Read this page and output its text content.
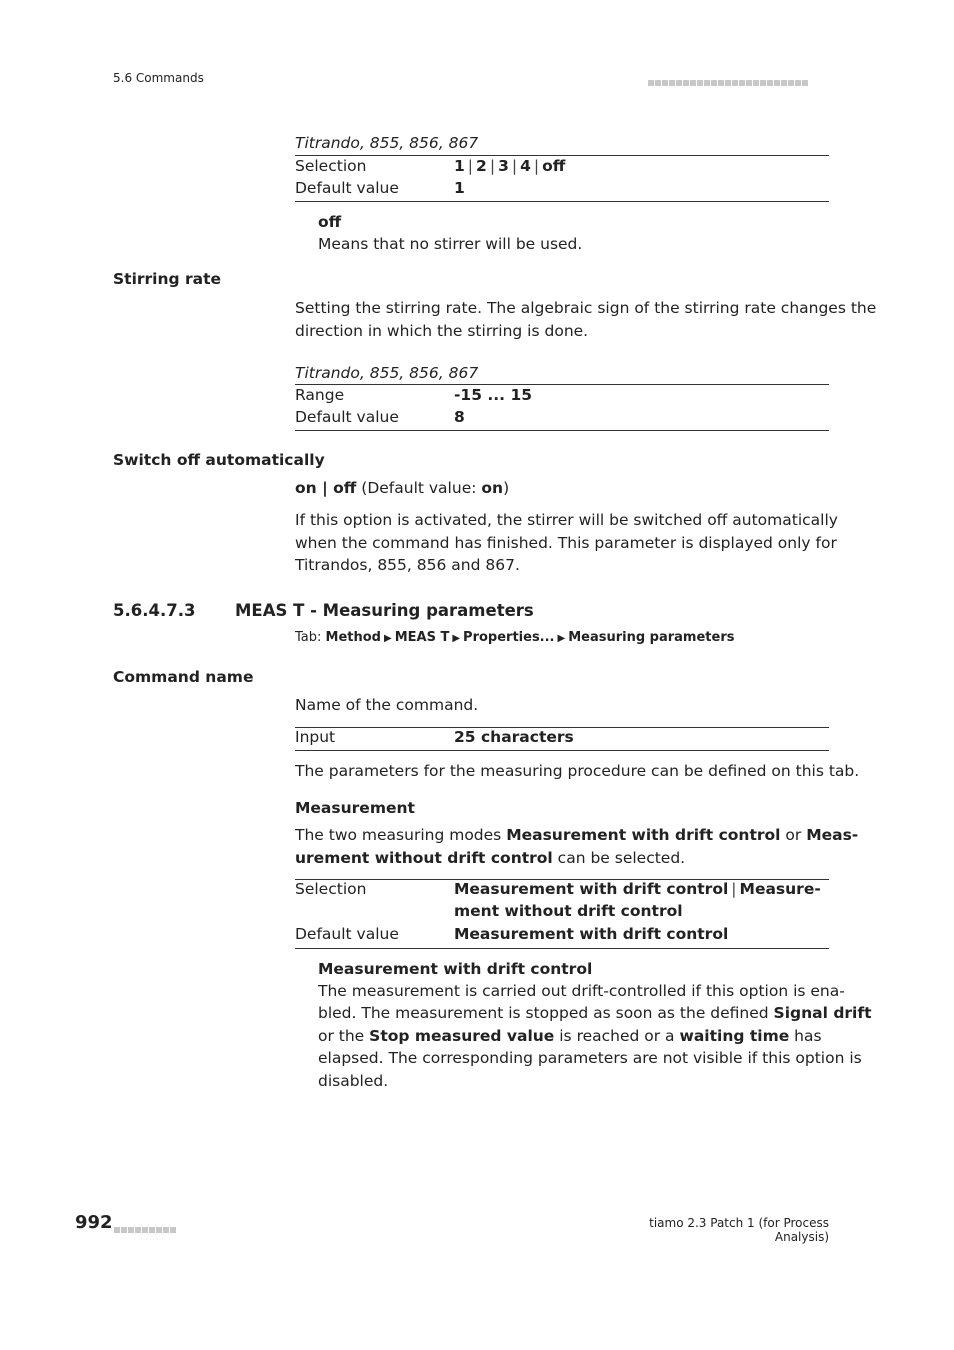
5.6 Commands
Titrando, 855, 856, 867
Selection	1 | 2 | 3 | 4 | off
Default value	1
off
Means that no stirrer will be used.
Stirring rate
Setting the stirring rate. The algebraic sign of the stirring rate changes the
direction in which the stirring is done.
Titrando, 855, 856, 867
Range	-15 ... 15
Default value	8
Switch off automatically
on | off (Default value: on)
If this option is activated, the stirrer will be switched off automatically
when the command has finished. This parameter is displayed only for
Titrandos, 855, 856 and 867.
5.6.4.7.3 MEAS T - Measuring parameters
Tab: Method ▶ MEAS T ▶ Properties... ▶ Measuring parameters
Command name
Name of the command.
Input	25 characters
The parameters for the measuring procedure can be defined on this tab.
Measurement
The two measuring modes Measurement with drift control or Meas-
urement without drift control can be selected.
Selection	Measurement with drift control | Measure-
ment without drift control
Default value	Measurement with drift control
Measurement with drift control
The measurement is carried out drift-controlled if this option is ena-
bled. The measurement is stopped as soon as the defined Signal drift
or the Stop measured value is reached or a waiting time has
elapsed. The corresponding parameters are not visible if this option is
disabled.
992	tiamo 2.3 Patch 1 (for Process Analysis)
